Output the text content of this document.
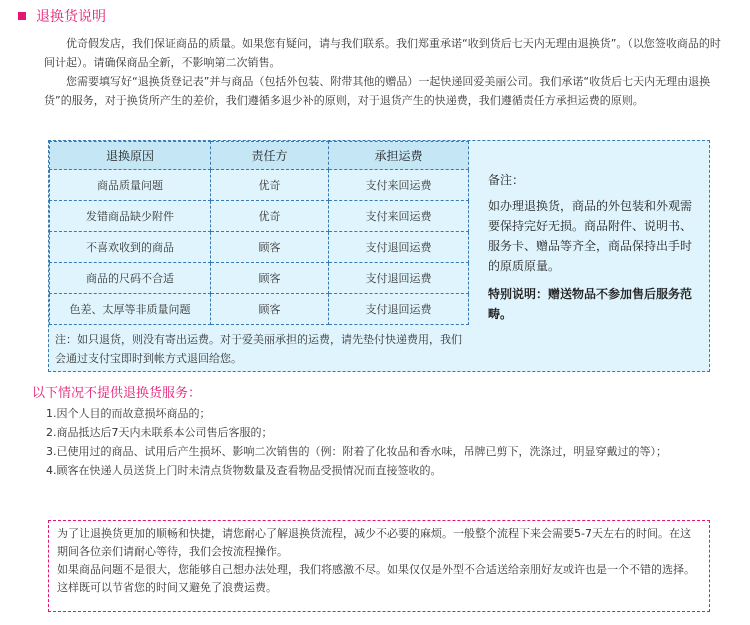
退换货说明

优奇假发店，我们保证商品的质量。如果您有疑问，请与我们联系。我们郑重承诺“收到货后七天内无理由退换货”。（以您签收商品的时间计起）。请确保商品全新，不影响第二次销售。

您需要填写好“退换货登记表”并与商品（包括外包装、附带其他的赠品）一起快递回爱美丽公司。我们承诺“收货后七天内无理由退换货”的服务，对于换货所产生的差价，我们遵循多退少补的原则，对于退货产生的快递费，我们遵循责任方承担运费的原则。

退换原因	责任方	承担运费
商品质量问题	优奇	支付来回运费
发错商品缺少附件	优奇	支付来回运费
不喜欢收到的商品	顾客	支付退回运费
商品的尺码不合适	顾客	支付退回运费
色差、太厚等非质量问题	顾客	支付退回运费
注：如只退货，则没有寄出运费。对于爱美丽承担的运费，请先垫付快递费用，我们会通过支付宝即时到帐方式退回给您。
备注：
如办理退换货，商品的外包装和外观需要保持完好无损。商品附件、说明书、服务卡、赠品等齐全，商品保持出手时的原质原量。
特别说明：赠送物品不参加售后服务范畴。
以下情况不提供退换货服务：
1.因个人目的而故意损坏商品的；
2.商品抵达后7天内未联系本公司售后客服的；
3.已使用过的商品、试用后产生损坏、影响二次销售的（例：附着了化妆品和香水味，吊牌已剪下，洗涤过，明显穿戴过的等）；
4.顾客在快递人员送货上门时未清点货物数量及查看物品受损情况而直接签收的。

为了让退换货更加的顺畅和快捷，请您耐心了解退换货流程，减少不必要的麻烦。一般整个流程下来会需要5-7天左右的时间。在这期间各位亲们请耐心等待，我们会按流程操作。

如果商品问题不是很大，您能够自己想办法处理，我们将感激不尽。如果仅仅是外型不合适送给亲朋好友或许也是一个不错的选择。这样既可以节省您的时间又避免了浪费运费。
